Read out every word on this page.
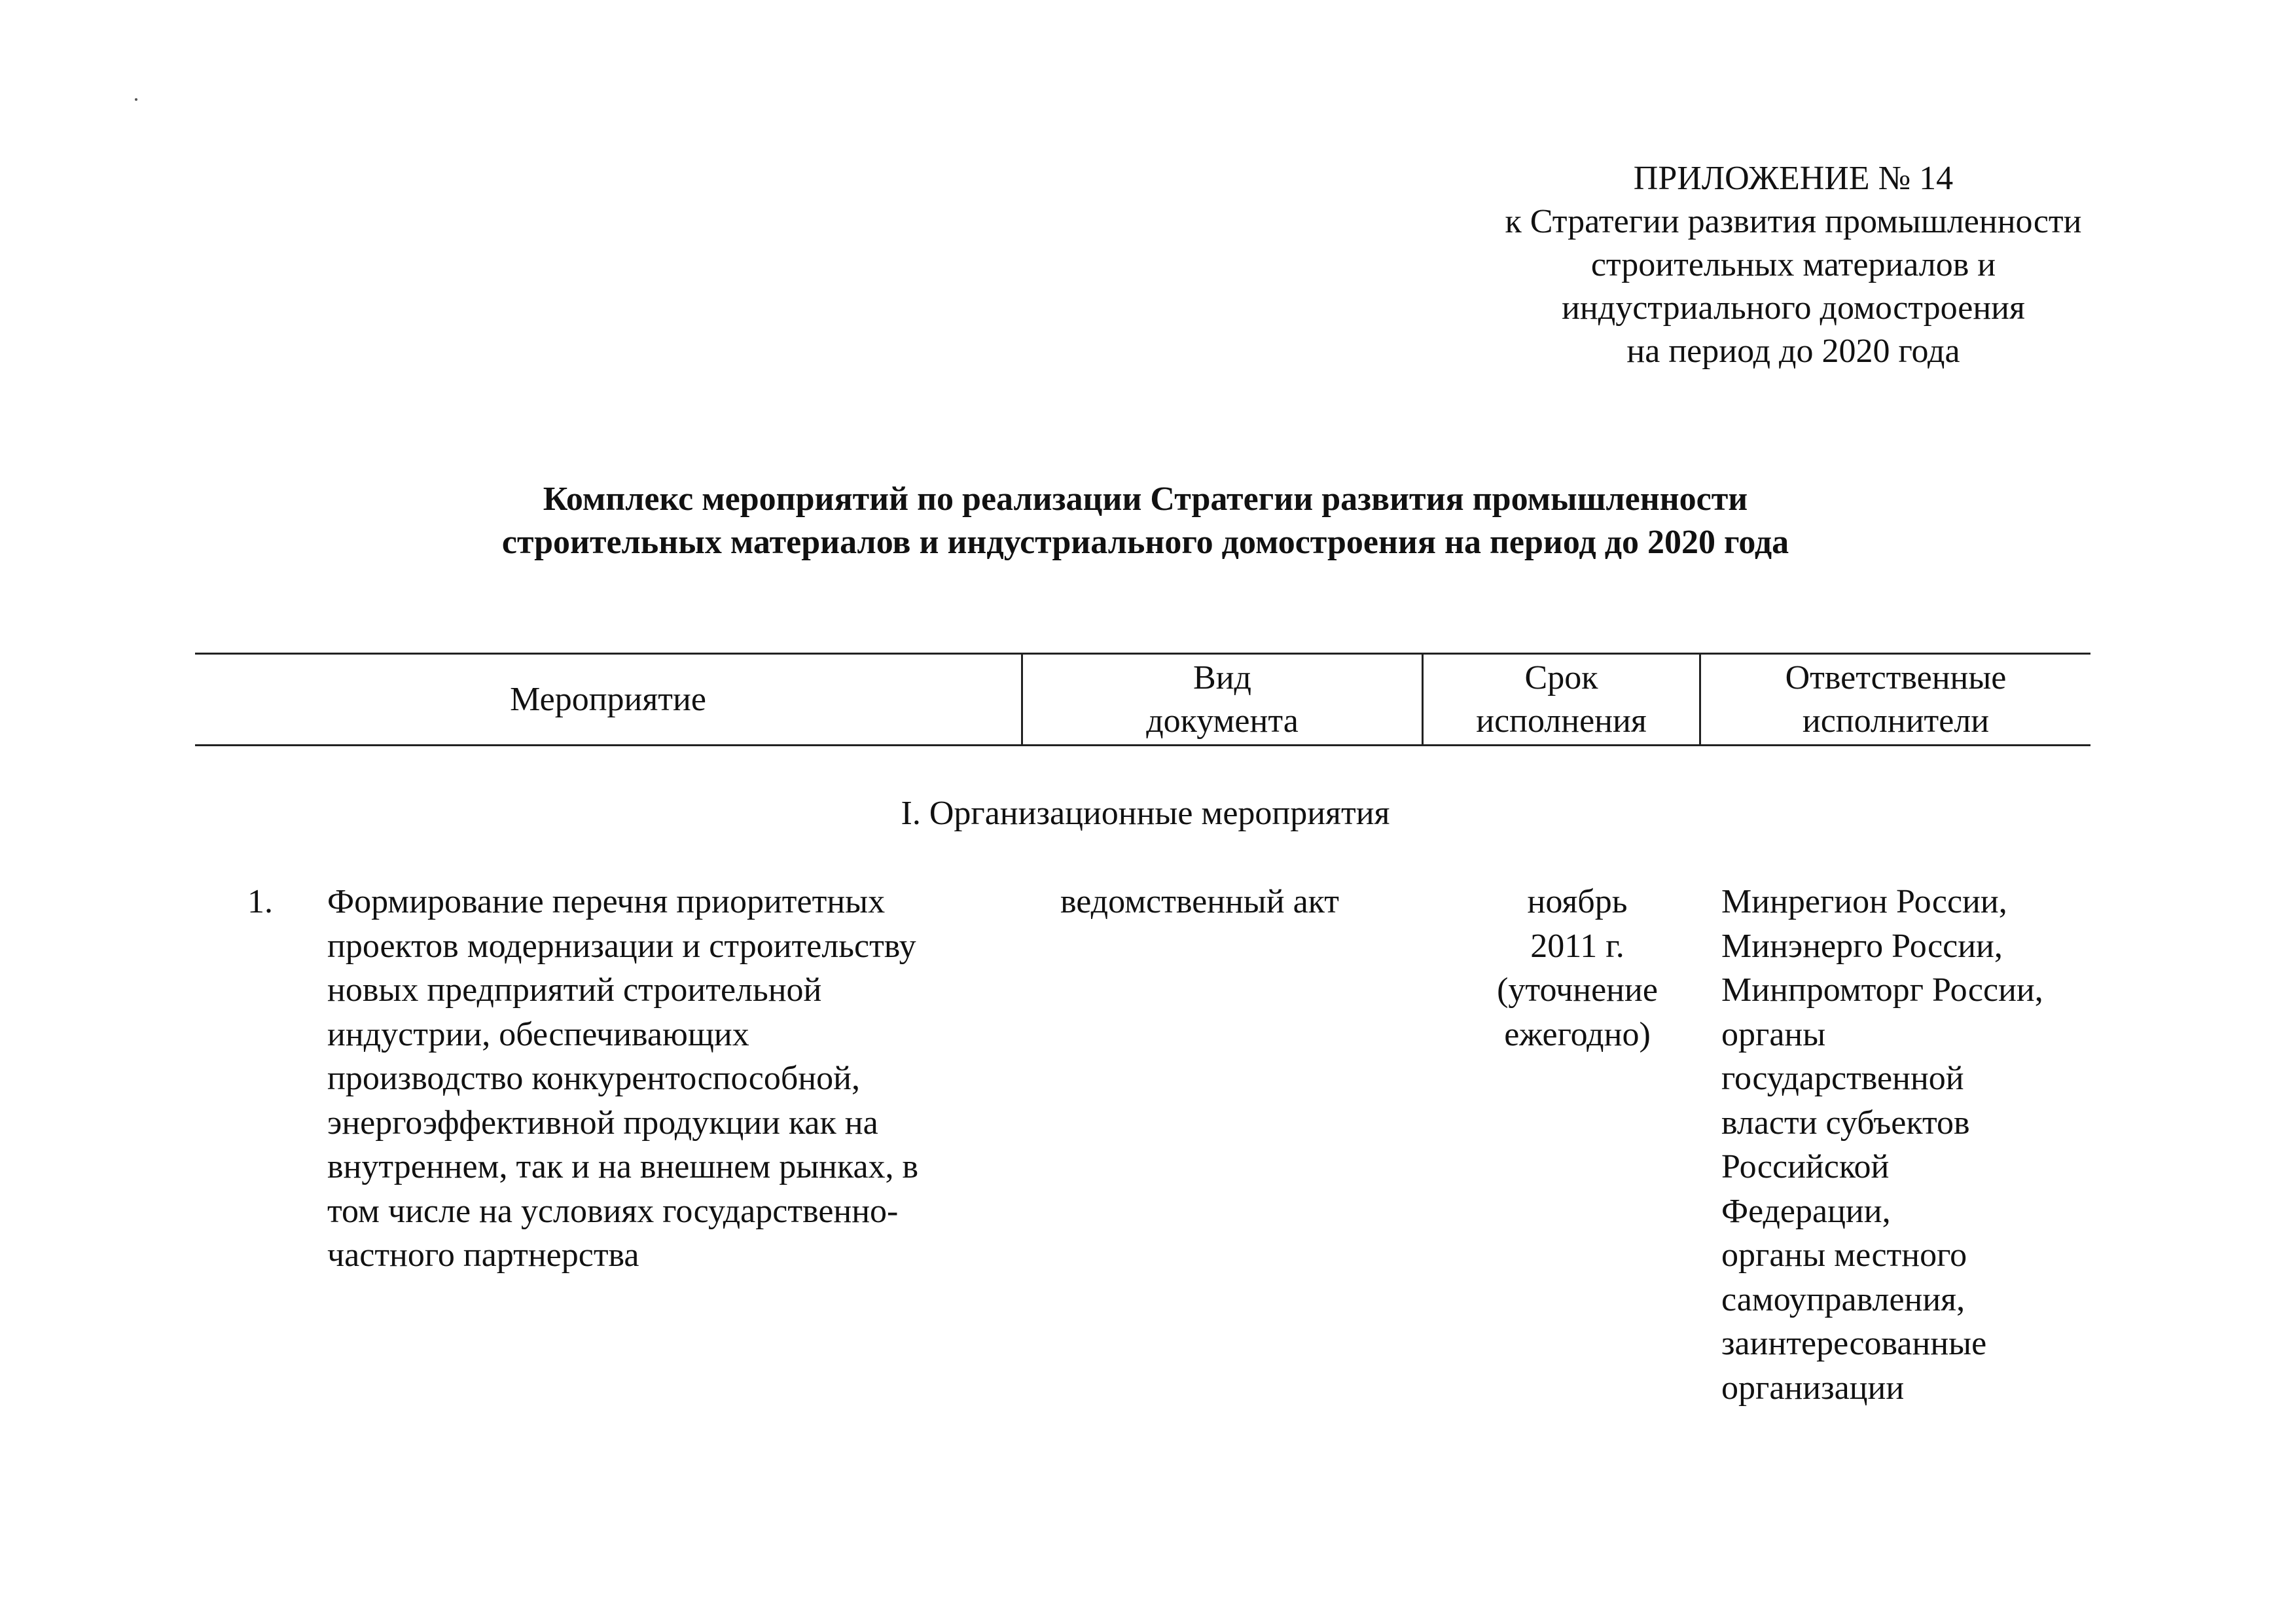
ПРИЛОЖЕНИЕ № 14
к Стратегии развития промышленности
строительных материалов и
индустриального домостроения
на период до 2020 года
Комплекс мероприятий по реализации Стратегии развития промышленности
строительных материалов и индустриального домостроения на период до 2020 года
Мероприятие
Вид
документа
Срок
исполнения
Ответственные
исполнители
I. Организационные мероприятия
1. Формирование перечня приоритетных
проектов модернизации и строительству
новых предприятий строительной
индустрии, обеспечивающих
производство конкурентоспособной,
энергоэффективной продукции как на
внутреннем, так и на внешнем рынках, в
том числе на условиях государственно-
частного партнерства
ведомственный акт	ноябрь
2011 г.
(уточнение
ежегодно)
Минрегион России,
Минэнерго России,
Минпромторг России,
органы
государственной
власти субъектов
Российской
Федерации,
органы местного
самоуправления,
заинтересованные
организации
